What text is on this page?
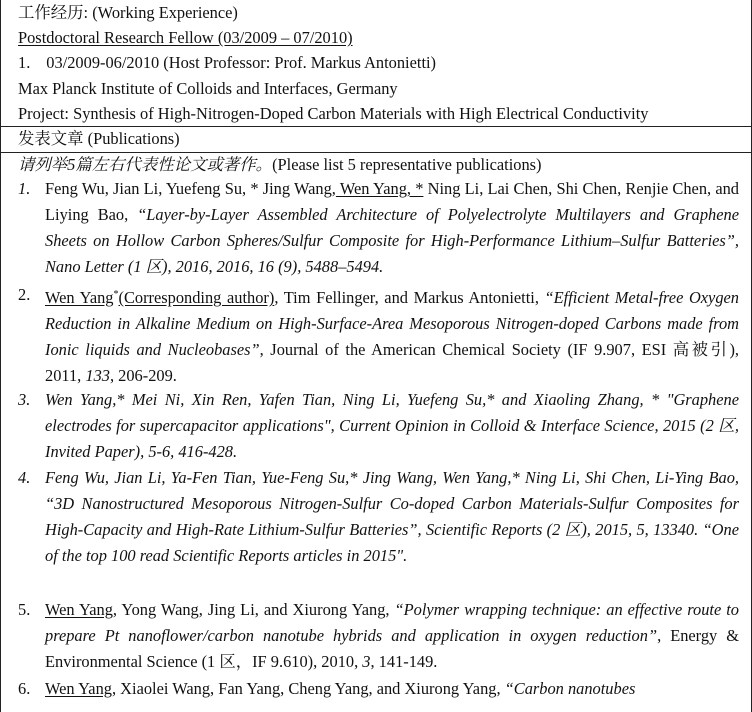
工作经历: (Working Experience)
Postdoctoral Research Fellow (03/2009 – 07/2010)
1. 03/2009-06/2010 (Host Professor: Prof. Markus Antonietti)
Max Planck Institute of Colloids and Interfaces, Germany
Project: Synthesis of High-Nitrogen-Doped Carbon Materials with High Electrical Conductivity
发表文章 (Publications)
请列举5篇左右代表性论文或著作。(Please list 5 representative publications)
1. Feng Wu, Jian Li, Yuefeng Su, * Jing Wang, Wen Yang, * Ning Li, Lai Chen, Shi Chen, Renjie Chen, and Liying Bao, “Layer-by-Layer Assembled Architecture of Polyelectrolyte Multilayers and Graphene Sheets on Hollow Carbon Spheres/Sulfur Composite for High-Performance Lithium–Sulfur Batteries”, Nano Letter (1 区), 2016, 2016, 16 (9), 5488–5494.
2. Wen Yang*(Corresponding author), Tim Fellinger, and Markus Antonietti, “Efficient Metal-free Oxygen Reduction in Alkaline Medium on High-Surface-Area Mesoporous Nitrogen-doped Carbons made from Ionic liquids and Nucleobases”, Journal of the American Chemical Society (IF 9.907, ESI 高被引), 2011, 133, 206-209.
3. Wen Yang,* Mei Ni, Xin Ren, Yafen Tian, Ning Li, Yuefeng Su,* and Xiaoling Zhang, * "Graphene electrodes for supercapacitor applications", Current Opinion in Colloid & Interface Science, 2015 (2 区, Invited Paper), 5-6, 416-428.
4. Feng Wu, Jian Li, Ya-Fen Tian, Yue-Feng Su,* Jing Wang, Wen Yang,* Ning Li, Shi Chen, Li-Ying Bao, “3D Nanostructured Mesoporous Nitrogen-Sulfur Co-doped Carbon Materials-Sulfur Composites for High-Capacity and High-Rate Lithium-Sulfur Batteries”, Scientific Reports (2 区), 2015, 5, 13340. “One of the top 100 read Scientific Reports articles in 2015".
5. Wen Yang, Yong Wang, Jing Li, and Xiurong Yang, “Polymer wrapping technique: an effective route to prepare Pt nanoflower/carbon nanotube hybrids and application in oxygen reduction”, Energy & Environmental Science (1 区，IF 9.610), 2010, 3, 141-149.
6. Wen Yang, Xiaolei Wang, Fan Yang, Cheng Yang, and Xiurong Yang, “Carbon nanotubes
